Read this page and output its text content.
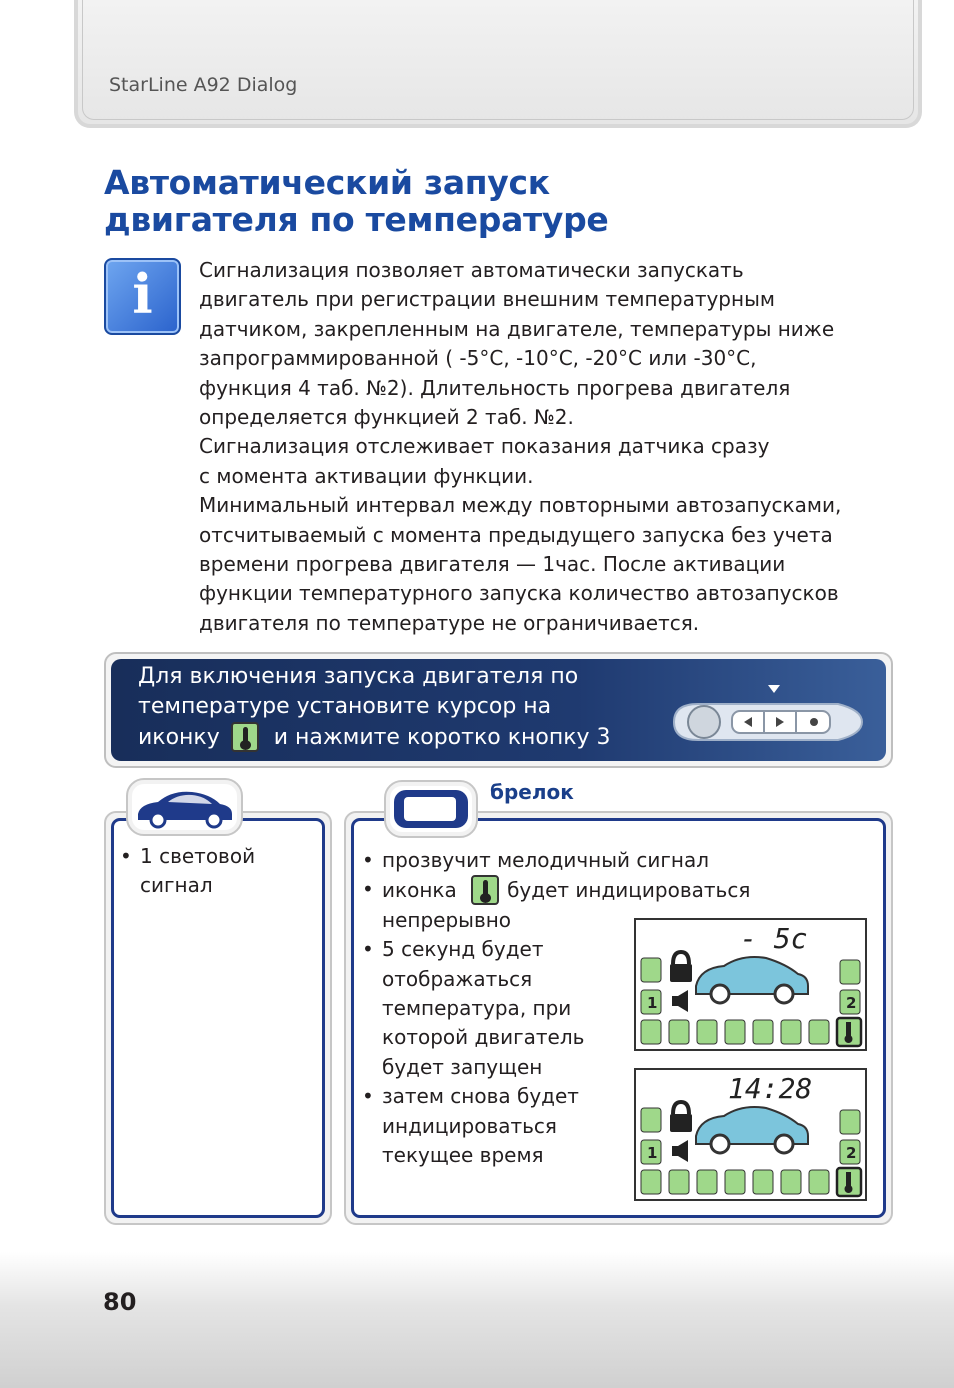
StarLine A92 Dialog
Автоматический запуск
двигателя по температуре
i	Сигнализация позволяет автоматически запускать
двигатель при регистрации внешним температурным
датчиком, закрепленным на двигателе, температуры ниже
запрограммированной ( -5°С, -10°С, -20°С или -30°С,
функция 4 таб. №2). Длительность прогрева двигателя
определяется функцией 2 таб. №2.

Сигнализация отслеживает показания датчика сразу
с момента активации функции.

Минимальный интервал между повторными автозапусками,
отсчитываемый с момента предыдущего запуска без учета
времени прогрева двигателя — 1час. После активации
функции температурного запуска количество автозапусков
двигателя по температуре не ограничивается.

Для включения запуска двигателя по
температуре установите курсор на
иконку и нажмите коротко кнопку 3
• 1 световой
сигнал
брелок
• прозвучит мелодичный сигнал
• иконка	будет индицироваться
непрерывно
• 5 секунд будет
отображаться
температура, при
которой двигатель
будет запущен
• затем снова будет
индицироваться
текущее время
- 5c
1	2
14:28
1	2
80
